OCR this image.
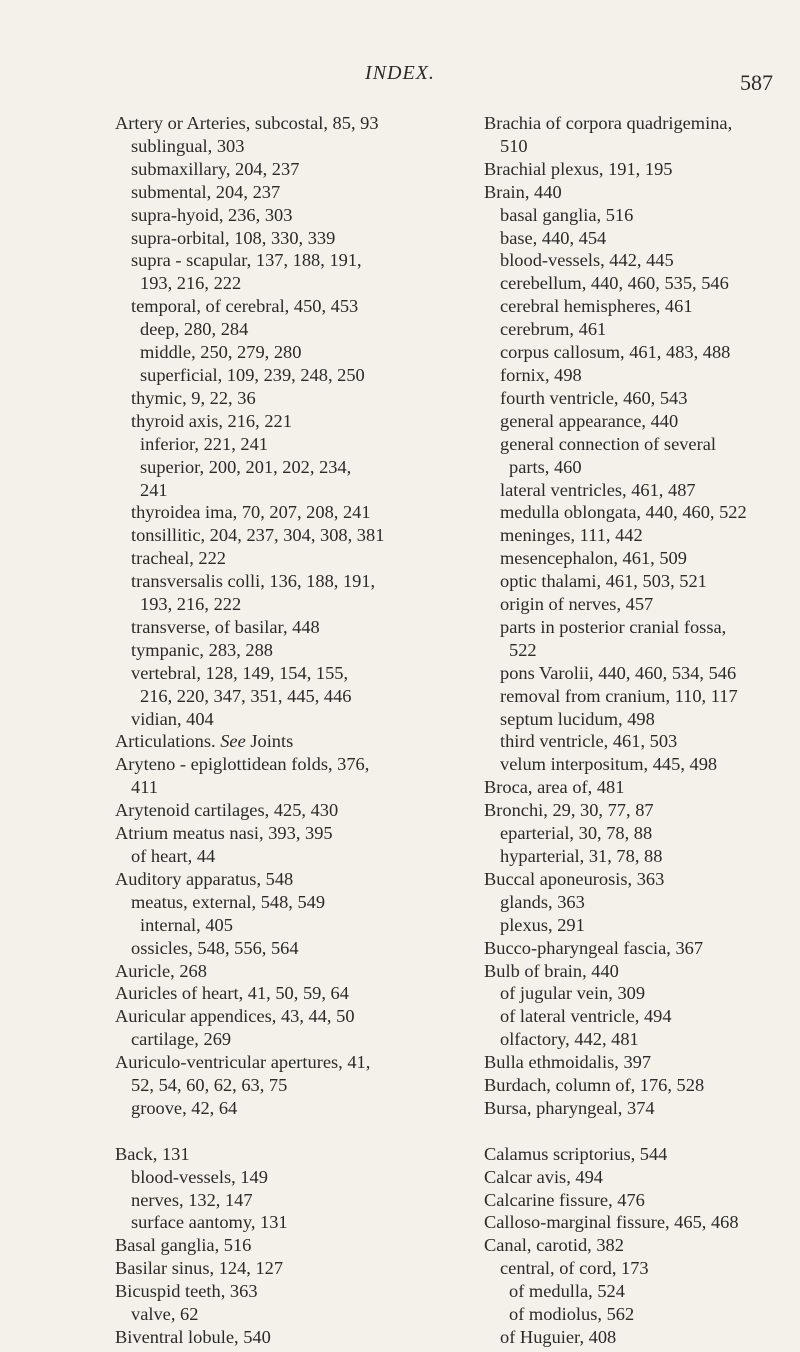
INDEX.	587
Artery or Arteries, subcostal, 85, 93
sublingual, 303
submaxillary, 204, 237
submental, 204, 237
supra-hyoid, 236, 303
supra-orbital, 108, 330, 339
supra - scapular, 137, 188, 191,
193, 216, 222
temporal, of cerebral, 450, 453
deep, 280, 284
middle, 250, 279, 280
superficial, 109, 239, 248, 250
thymic, 9, 22, 36
thyroid axis, 216, 221
inferior, 221, 241
superior, 200, 201, 202, 234,
241
thyroidea ima, 70, 207, 208, 241
tonsillitic, 204, 237, 304, 308, 381
tracheal, 222
transversalis colli, 136, 188, 191,
193, 216, 222
transverse, of basilar, 448
tympanic, 283, 288
vertebral, 128, 149, 154, 155,
216, 220, 347, 351, 445, 446
vidian, 404
Articulations. See Joints
Aryteno - epiglottidean folds, 376,
411
Arytenoid cartilages, 425, 430
Atrium meatus nasi, 393, 395
of heart, 44
Auditory apparatus, 548
meatus, external, 548, 549
internal, 405
ossicles, 548, 556, 564
Auricle, 268
Auricles of heart, 41, 50, 59, 64
Auricular appendices, 43, 44, 50
cartilage, 269
Auriculo-ventricular apertures, 41,
52, 54, 60, 62, 63, 75
groove, 42, 64
Back, 131
blood-vessels, 149
nerves, 132, 147
surface aantomy, 131
Basal ganglia, 516
Basilar sinus, 124, 127
Bicuspid teeth, 363
valve, 62
Biventral lobule, 540
Brachia of corpora quadrigemina,
510
Brachial plexus, 191, 195
Brain, 440
basal ganglia, 516
base, 440, 454
blood-vessels, 442, 445
cerebellum, 440, 460, 535, 546
cerebral hemispheres, 461
cerebrum, 461
corpus callosum, 461, 483, 488
fornix, 498
fourth ventricle, 460, 543
general appearance, 440
general connection of several
parts, 460
lateral ventricles, 461, 487
medulla oblongata, 440, 460, 522
meninges, 111, 442
mesencephalon, 461, 509
optic thalami, 461, 503, 521
origin of nerves, 457
parts in posterior cranial fossa,
522
pons Varolii, 440, 460, 534, 546
removal from cranium, 110, 117
septum lucidum, 498
third ventricle, 461, 503
velum interpositum, 445, 498
Broca, area of, 481
Bronchi, 29, 30, 77, 87
eparterial, 30, 78, 88
hyparterial, 31, 78, 88
Buccal aponeurosis, 363
glands, 363
plexus, 291
Bucco-pharyngeal fascia, 367
Bulb of brain, 440
of jugular vein, 309
of lateral ventricle, 494
olfactory, 442, 481
Bulla ethmoidalis, 397
Burdach, column of, 176, 528
Bursa, pharyngeal, 374
Calamus scriptorius, 544
Calcar avis, 494
Calcarine fissure, 476
Calloso-marginal fissure, 465, 468
Canal, carotid, 382
central, of cord, 173
of medulla, 524
of modiolus, 562
of Huguier, 408
